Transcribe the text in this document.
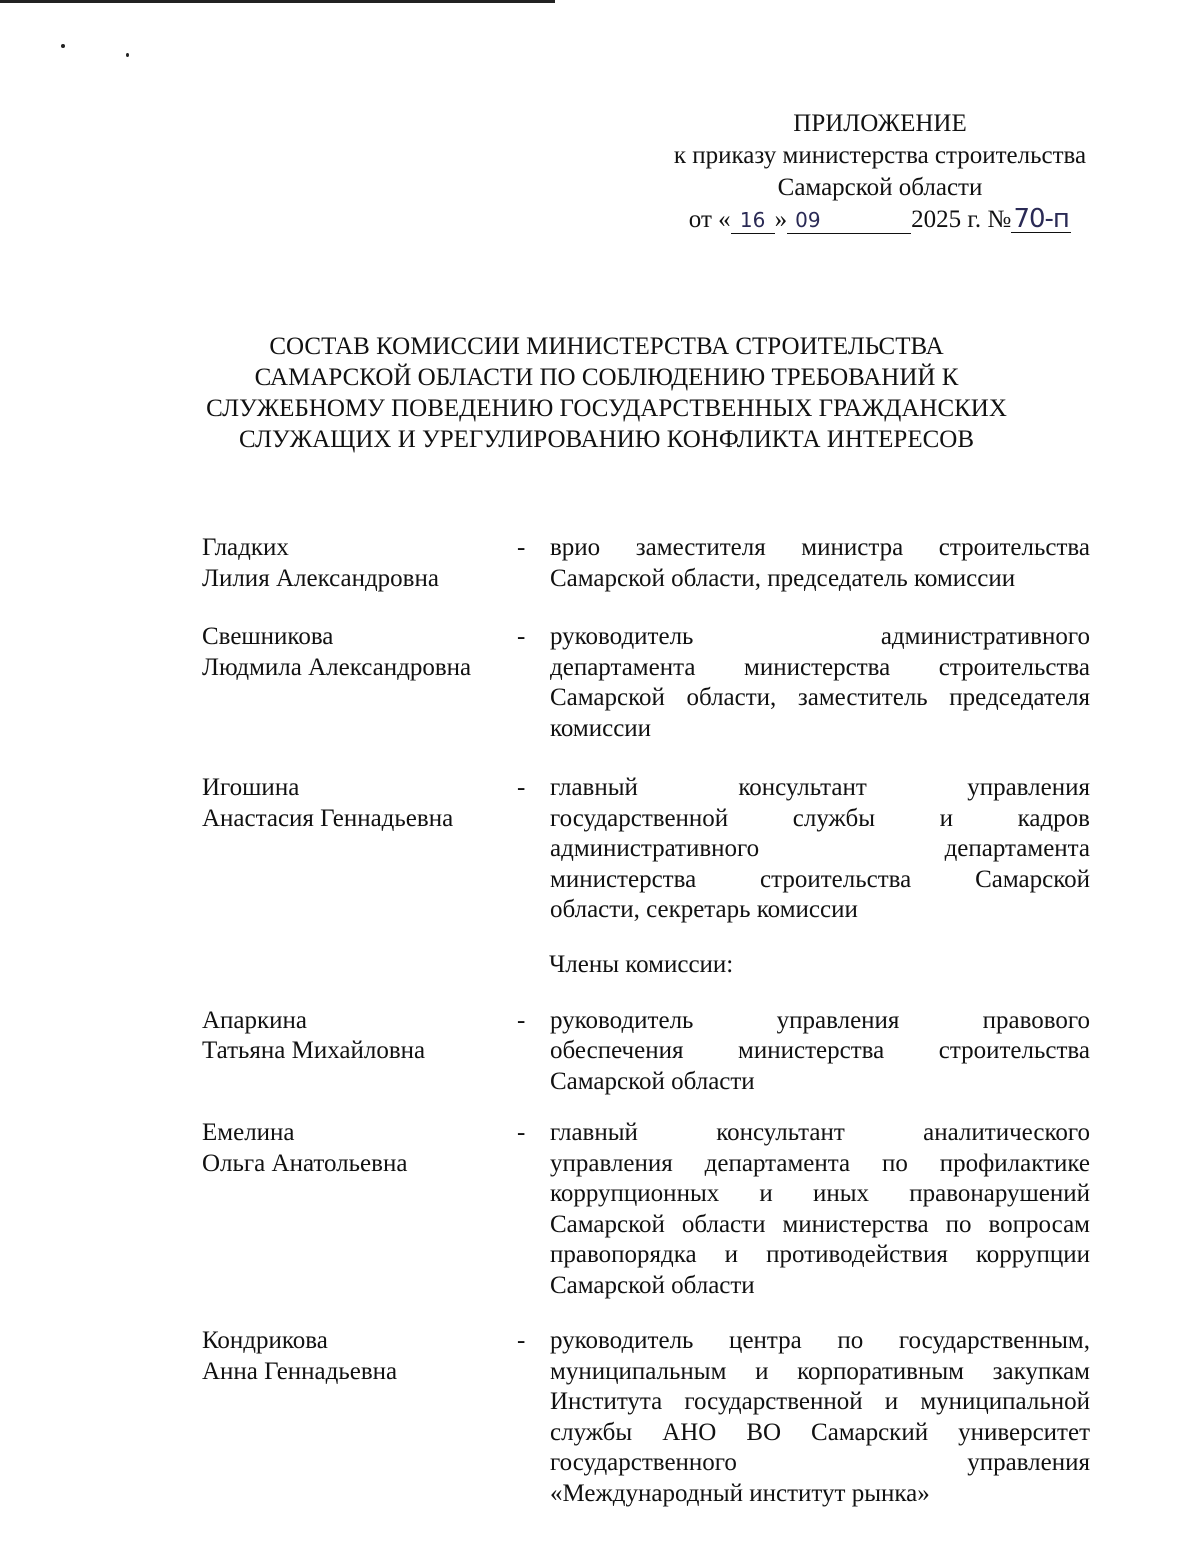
ПРИЛОЖЕНИЕ
к приказу министерства строительства
Самарской области
от « 16 » 09	2025 г. №70-п
СОСТАВ КОМИССИИ МИНИСТЕРСТВА СТРОИТЕЛЬСТВА
САМАРСКОЙ ОБЛАСТИ ПО СОБЛЮДЕНИЮ ТРЕБОВАНИЙ К
СЛУЖЕБНОМУ ПОВЕДЕНИЮ ГОСУДАРСТВЕННЫХ ГРАЖДАНСКИХ
СЛУЖАЩИХ И УРЕГУЛИРОВАНИЮ КОНФЛИКТА ИНТЕРЕСОВ
Гладких
Лилия Александровна
- врио заместителя министра строительства
Самарской области, председатель комиссии
Свешникова
Людмила Александровна
- руководитель административного
департамента министерства строительства
Самарской области, заместитель председателя
комиссии
Игошина
Анастасия Геннадьевна
- главный консультант управления
государственной службы и кадров
административного департамента
министерства строительства Самарской
области, секретарь комиссии
Члены комиссии:
Апаркина
Татьяна Михайловна
- руководитель управления правового
обеспечения министерства строительства
Самарской области
Емелина
Ольга Анатольевна
- главный консультант аналитического
управления департамента по профилактике
коррупционных и иных правонарушений
Самарской области министерства по вопросам
правопорядка и противодействия коррупции
Самарской области
Кондрикова
Анна Геннадьевна
- руководитель центра по государственным,
муниципальным и корпоративным закупкам
Института государственной и муниципальной
службы АНО ВО Самарский университет
государственного управления
«Международный институт рынка»
